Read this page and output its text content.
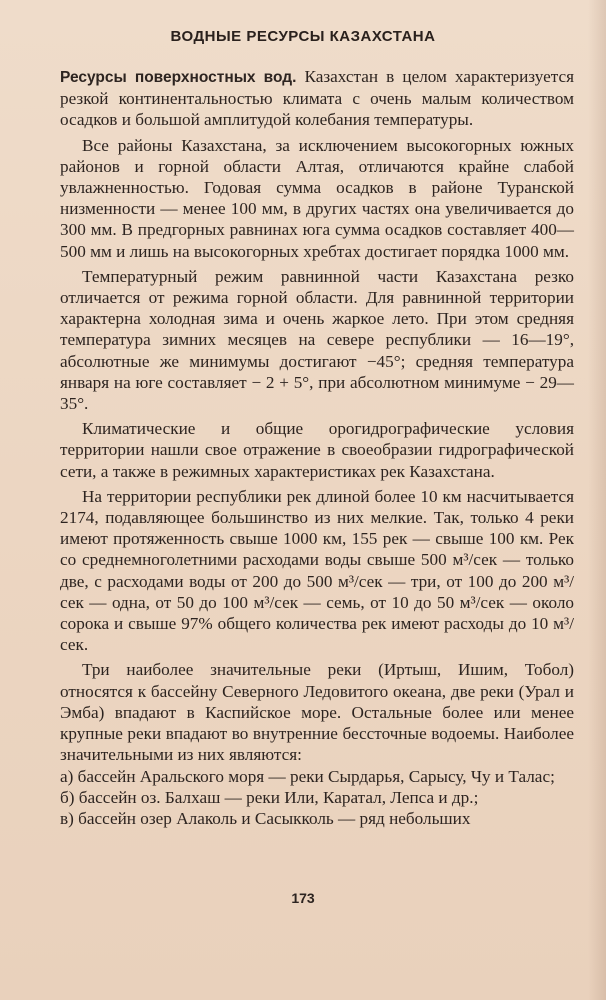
ВОДНЫЕ РЕСУРСЫ КАЗАХСТАНА

Ресурсы поверхностных вод. Казахстан в целом характеризуется резкой континентальностью климата с очень малым количеством осадков и большой амплитудой колебания температуры.

Все районы Казахстана, за исключением высокогорных южных районов и горной области Алтая, отличаются крайне слабой увлажненностью. Годовая сумма осадков в районе Туранской низменности — менее 100 мм, в других частях она увеличивается до 300 мм. В предгорных равнинах юга сумма осадков составляет 400—500 мм и лишь на высокогорных хребтах достигает порядка 1000 мм.

Температурный режим равнинной части Казахстана резко отличается от режима горной области. Для равнинной территории характерна холодная зима и очень жаркое лето. При этом средняя температура зимних месяцев на севере республики — 16—19°, абсолютные же минимумы достигают −45°; средняя температура января на юге составляет − 2 + 5°, при абсолютном минимуме − 29—35°.

Климатические и общие орогидрографические условия территории нашли свое отражение в своеобразии гидрографической сети, а также в режимных характеристиках рек Казахстана.

На территории республики рек длиной более 10 км насчитывается 2174, подавляющее большинство из них мелкие. Так, только 4 реки имеют протяженность свыше 1000 км, 155 рек — свыше 100 км. Рек со среднемноголетними расходами воды свыше 500 м³/сек — только две, с расходами воды от 200 до 500 м³/сек — три, от 100 до 200 м³/сек — одна, от 50 до 100 м³/сек — семь, от 10 до 50 м³/сек — около сорока и свыше 97% общего количества рек имеют расходы до 10 м³/сек.

Три наиболее значительные реки (Иртыш, Ишим, Тобол) относятся к бассейну Северного Ледовитого океана, две реки (Урал и Эмба) впадают в Каспийское море. Остальные более или менее крупные реки впадают во внутренние бессточные водоемы. Наиболее значительными из них являются:

а) бассейн Аральского моря — реки Сырдарья, Сарысу, Чу и Талас;

б) бассейн оз. Балхаш — реки Или, Каратал, Лепса и др.;

в) бассейн озер Алаколь и Сасыкколь — ряд небольших

173
